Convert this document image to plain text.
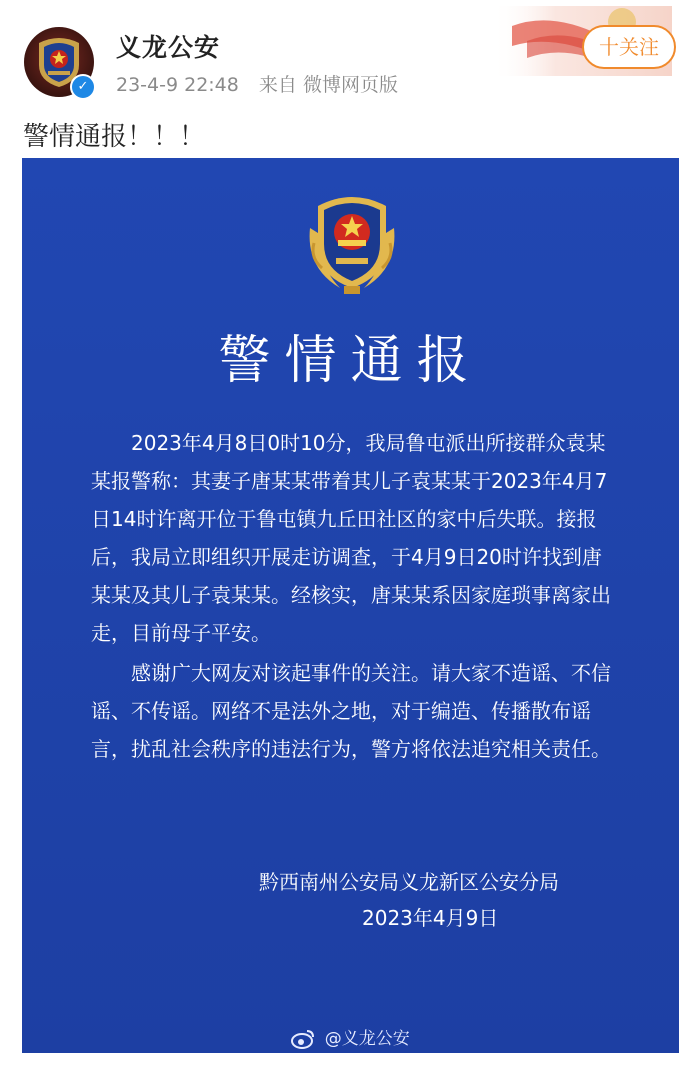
✓
义龙公安
23-4-9 22:48 来自 微博网页版
十关注
警情通报！！！
警情通报

2023年4月8日0时10分，我局鲁屯派出所接群众袁某某报警称：其妻子唐某某带着其儿子袁某某于2023年4月7日14时许离开位于鲁屯镇九丘田社区的家中后失联。接报后，我局立即组织开展走访调查，于4月9日20时许找到唐某某及其儿子袁某某。经核实，唐某某系因家庭琐事离家出走，目前母子平安。

感谢广大网友对该起事件的关注。请大家不造谣、不信谣、不传谣。网络不是法外之地，对于编造、传播散布谣言，扰乱社会秩序的违法行为，警方将依法追究相关责任。

黔西南州公安局义龙新区公安分局
2023年4月9日
@义龙公安
